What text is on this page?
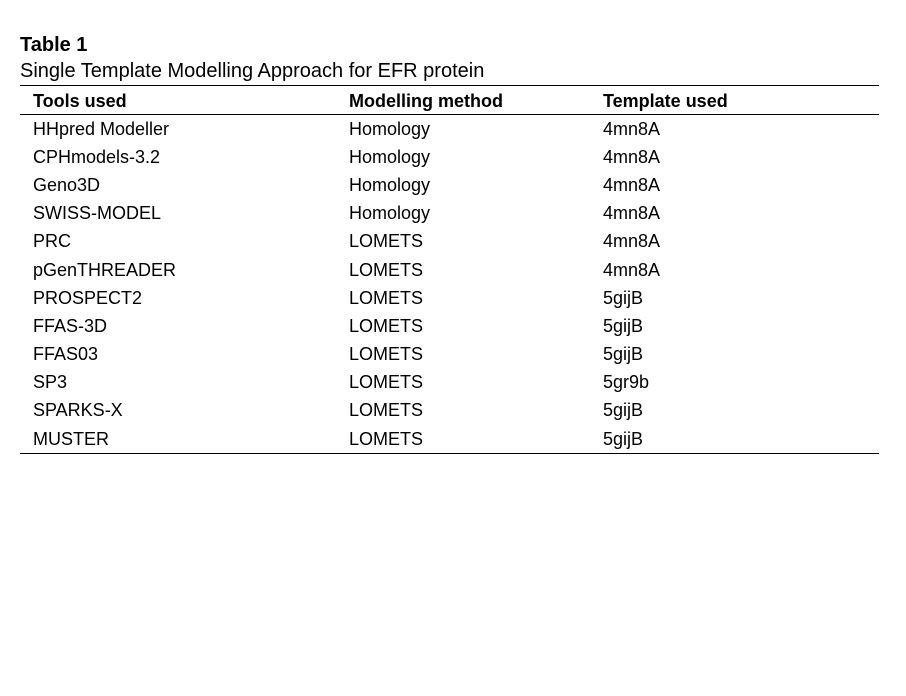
Table 1

Single Template Modelling Approach for EFR protein

Tools used	Modelling method	Template used
HHpred Modeller	Homology	4mn8A
CPHmodels-3.2	Homology	4mn8A
Geno3D	Homology	4mn8A
SWISS-MODEL	Homology	4mn8A
PRC	LOMETS	4mn8A
pGenTHREADER	LOMETS	4mn8A
PROSPECT2	LOMETS	5gijB
FFAS-3D	LOMETS	5gijB
FFAS03	LOMETS	5gijB
SP3	LOMETS	5gr9b
SPARKS-X	LOMETS	5gijB
MUSTER	LOMETS	5gijB
